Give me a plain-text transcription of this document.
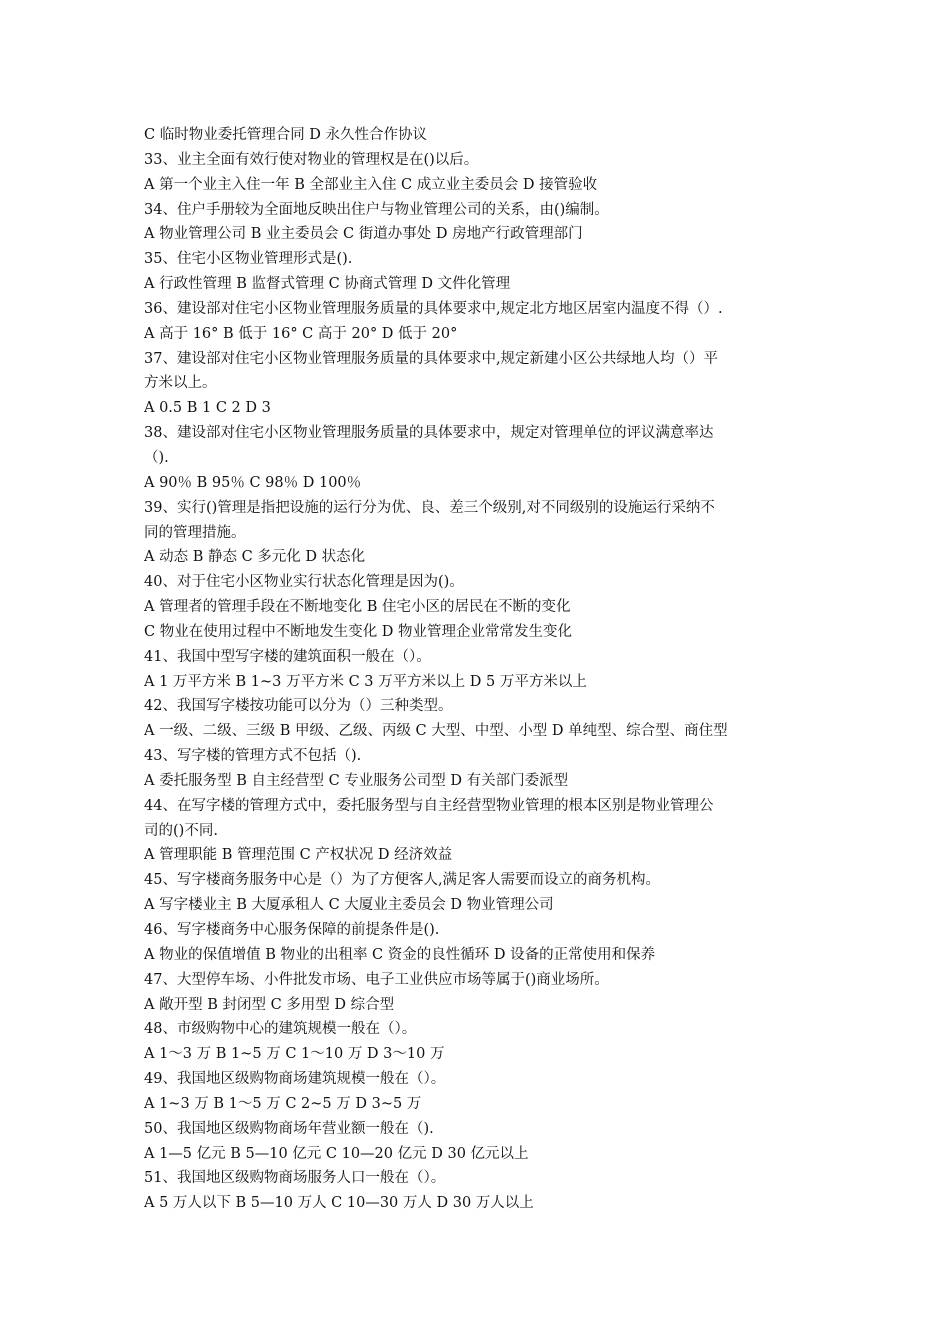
C 临时物业委托管理合同 D 永久性合作协议
33、业主全面有效行使对物业的管理权是在()以后。
A 第一个业主入住一年 B 全部业主入住 C 成立业主委员会 D 接管验收
34、住户手册较为全面地反映出住户与物业管理公司的关系，由()编制。
A 物业管理公司 B 业主委员会 C 街道办事处 D 房地产行政管理部门
35、住宅小区物业管理形式是().
A 行政性管理 B 监督式管理 C 协商式管理 D 文件化管理
36、建设部对住宅小区物业管理服务质量的具体要求中,规定北方地区居室内温度不得（）.
A 高于 16° B 低于 16° C 高于 20° D 低于 20°
37、建设部对住宅小区物业管理服务质量的具体要求中,规定新建小区公共绿地人均（）平
方米以上。
A 0.5 B 1 C 2 D 3
38、建设部对住宅小区物业管理服务质量的具体要求中，规定对管理单位的评议满意率达
（).
A 90％ B 95％ C 98％ D 100％
39、实行()管理是指把设施的运行分为优、良、差三个级别,对不同级别的设施运行采纳不
同的管理措施。
A 动态 B 静态 C 多元化 D 状态化
40、对于住宅小区物业实行状态化管理是因为()。
A 管理者的管理手段在不断地变化 B 住宅小区的居民在不断的变化
C 物业在使用过程中不断地发生变化 D 物业管理企业常常发生变化
41、我国中型写字楼的建筑面积一般在（）。
A 1 万平方米 B 1~3 万平方米 C 3 万平方米以上 D 5 万平方米以上
42、我国写字楼按功能可以分为（）三种类型。
A 一级、二级、三级 B 甲级、乙级、丙级 C 大型、中型、小型 D 单纯型、综合型、商住型
43、写字楼的管理方式不包括（).
A 委托服务型 B 自主经营型 C 专业服务公司型 D 有关部门委派型
44、在写字楼的管理方式中，委托服务型与自主经营型物业管理的根本区别是物业管理公
司的()不同.
A 管理职能 B 管理范围 C 产权状况 D 经济效益
45、写字楼商务服务中心是（）为了方便客人,满足客人需要而设立的商务机构。
A 写字楼业主 B 大厦承租人 C 大厦业主委员会 D 物业管理公司
46、写字楼商务中心服务保障的前提条件是().
A 物业的保值增值 B 物业的出租率 C 资金的良性循环 D 设备的正常使用和保养
47、大型停车场、小件批发市场、电子工业供应市场等属于()商业场所。
A 敞开型 B 封闭型 C 多用型 D 综合型
48、市级购物中心的建筑规模一般在（）。
A 1～3 万 B 1~5 万 C 1～10 万 D 3～10 万
49、我国地区级购物商场建筑规模一般在（）。
A 1~3 万 B 1～5 万 C 2~5 万 D 3~5 万
50、我国地区级购物商场年营业额一般在（).
A 1—5 亿元 B 5—10 亿元 C 10—20 亿元 D 30 亿元以上
51、我国地区级购物商场服务人口一般在（）。
A 5 万人以下 B 5—10 万人 C 10—30 万人 D 30 万人以上
